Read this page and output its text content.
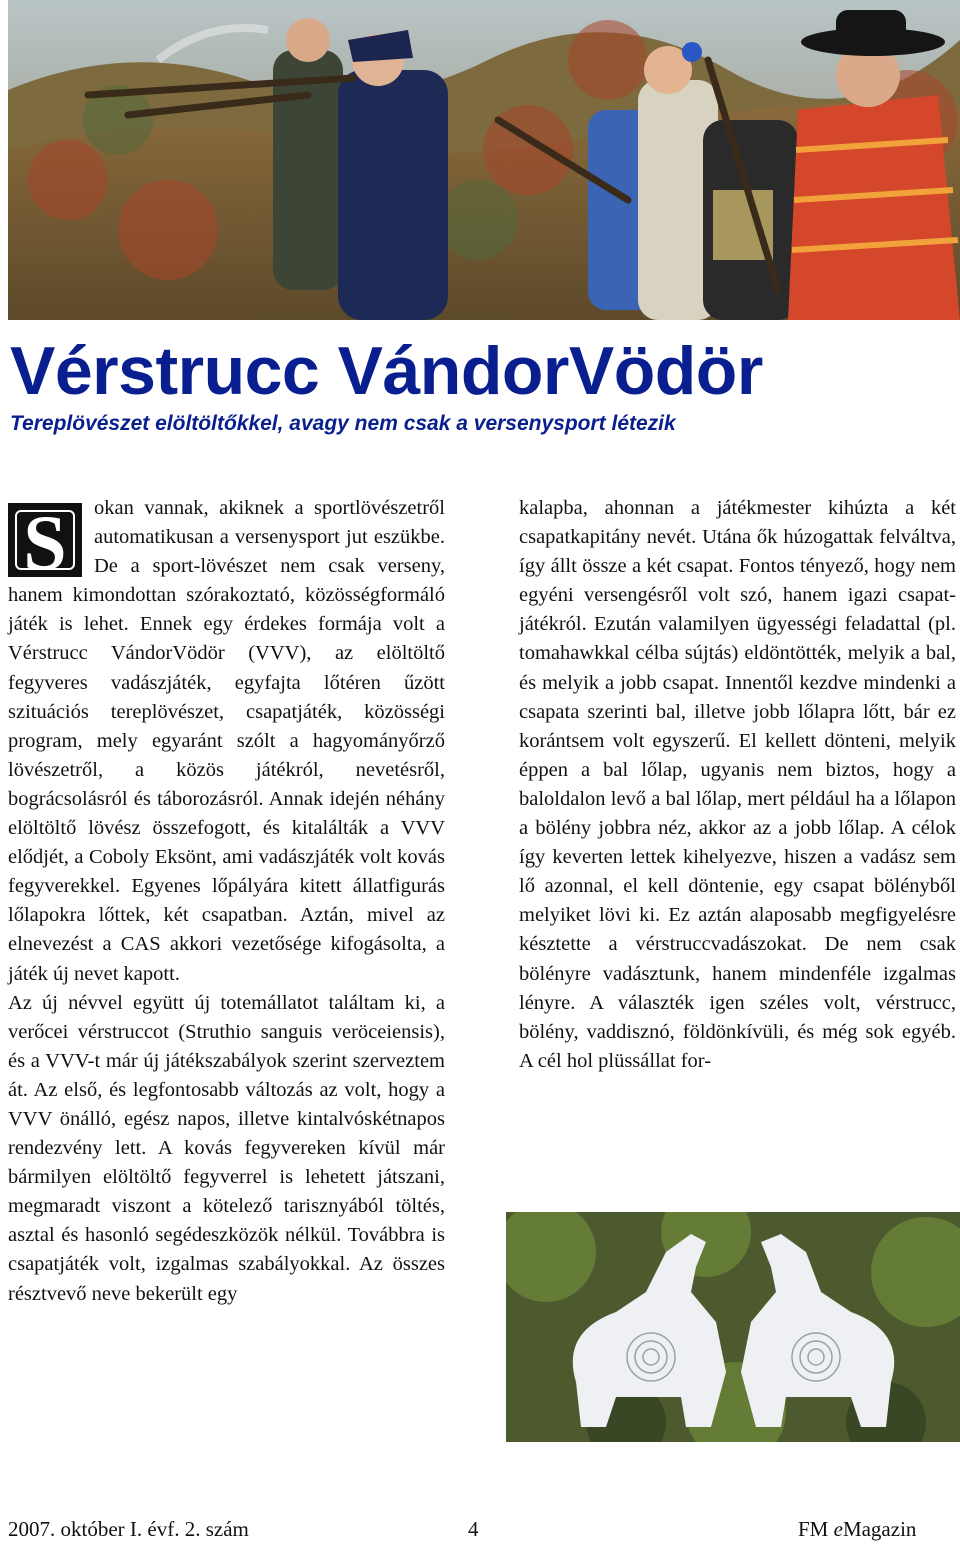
Vérstrucc VándorVödör
Tereplövészet elöltöltőkkel, avagy nem csak a versenysport létezik
S	okan vannak, akiknek a sportlövészetről automatikusan a versenysport jut eszükbe. De a sport-lövészet nem csak verseny, hanem kimondottan szórakoztató, közösségformáló játék is lehet. Ennek egy érdekes formája volt a Vérstrucc VándorVödör (VVV), az elöltöltő fegyveres vadászjáték, egyfajta lőtéren űzött szituációs tereplövészet, csapatjáték, közösségi program, mely egyaránt szólt a hagyományőrző lövészetről, a közös játékról, nevetésről, bográcsolásról és táborozásról. Annak idején néhány elöltöltő lövész összefogott, és kitalálták a VVV elődjét, a Coboly Eksönt, ami vadászjáték volt kovás fegyverekkel. Egyenes lőpályára kitett állatfigurás lőlapokra lőttek, két csapatban. Aztán, mivel az elnevezést a CAS akkori vezetősége kifogásolta, a játék új nevet kapott.

Az új névvel együtt új totemállatot találtam ki, a verőcei vérstruccot (Struthio sanguis veröceiensis), és a VVV-t már új játékszabályok szerint szerveztem át. Az első, és legfontosabb változás az volt, hogy a VVV önálló, egész napos, illetve kintalvóskétnapos rendezvény lett. A kovás fegyvereken kívül már bármilyen elöltöltő fegyverrel is lehetett játszani, megmaradt viszont a kötelező tarisznyából töltés, asztal és hasonló segédeszközök nélkül. Továbbra is csapatjáték volt, izgalmas szabályokkal. Az összes résztvevő neve bekerült egy

kalapba, ahonnan a játékmester kihúzta a két csapatkapitány nevét. Utána ők húzogattak felváltva, így állt össze a két csapat. Fontos tényező, hogy nem egyéni versengésről volt szó, hanem igazi csapatjátékról. Ezután valamilyen ügyességi feladattal (pl. tomahawkkal célba sújtás) eldöntötték, melyik a bal, és melyik a jobb csapat. Innentől kezdve mindenki a csapata szerinti bal, illetve jobb lőlapra lőtt, bár ez korántsem volt egyszerű. El kellett dönteni, melyik éppen a bal lőlap, ugyanis nem biztos, hogy a baloldalon levő a bal lőlap, mert például ha a lőlapon a bölény jobbra néz, akkor az a jobb lőlap. A célok így keverten lettek kihelyezve, hiszen a vadász sem lő azonnal, el kell döntenie, egy csapat bölényből melyiket lövi ki. Ez aztán alaposabb megfigyelésre késztette a vérstruccvadászokat. De nem csak bölényre vadásztunk, hanem mindenféle izgalmas lényre. A választék igen széles volt, vérstrucc, bölény, vaddisznó, földönkívüli, és még sok egyéb. A cél hol plüssállat for-

2007. október I. évf. 2. szám	4	FM eMagazin
